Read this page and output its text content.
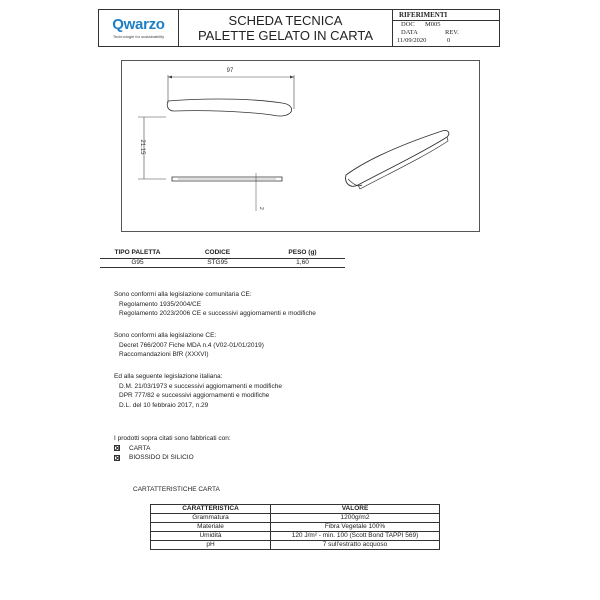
Qwarzo
Technologie for sustainability
SCHEDA TECNICA
PALETTE GELATO IN CARTA
RIFERIMENTI
DOC	M005
DATA	REV.
11/09/2020	0
97
21.15
2
TIPO PALETTA	CODICE	PESO (g)
G95	STG95	1,60
Sono conformi alla legislazione comunitaria CE:
Regolamento 1935/2004/CE
Regolamento 2023/2006 CE e successivi aggiornamenti e modifiche
Sono conformi alla legislazione CE:
Decret 766/2007 Fiche MDA n.4 (V02-01/01/2019)
Raccomandazioni BfR (XXXVI)
Ed alla seguente legislazione italiana:
D.M. 21/03/1973 e successivi aggiornamenti e modifiche
DPR 777/82 e successivi aggiornamenti e modifiche
D.L. del 10 febbraio 2017, n.29
I prodotti sopra citati sono fabbricati con:
CARTA
BIOSSIDO DI SILICIO
CARTATTERISTICHE CARTA
CARATTERISTICA	VALORE
Grammatura	1200g/m2
Materiale	Fibra Vegetale 100%
Umidità	120 J/m² - min. 100 (Scott Bond TAPPI 569)
pH	7 sull'estratto acquoso
